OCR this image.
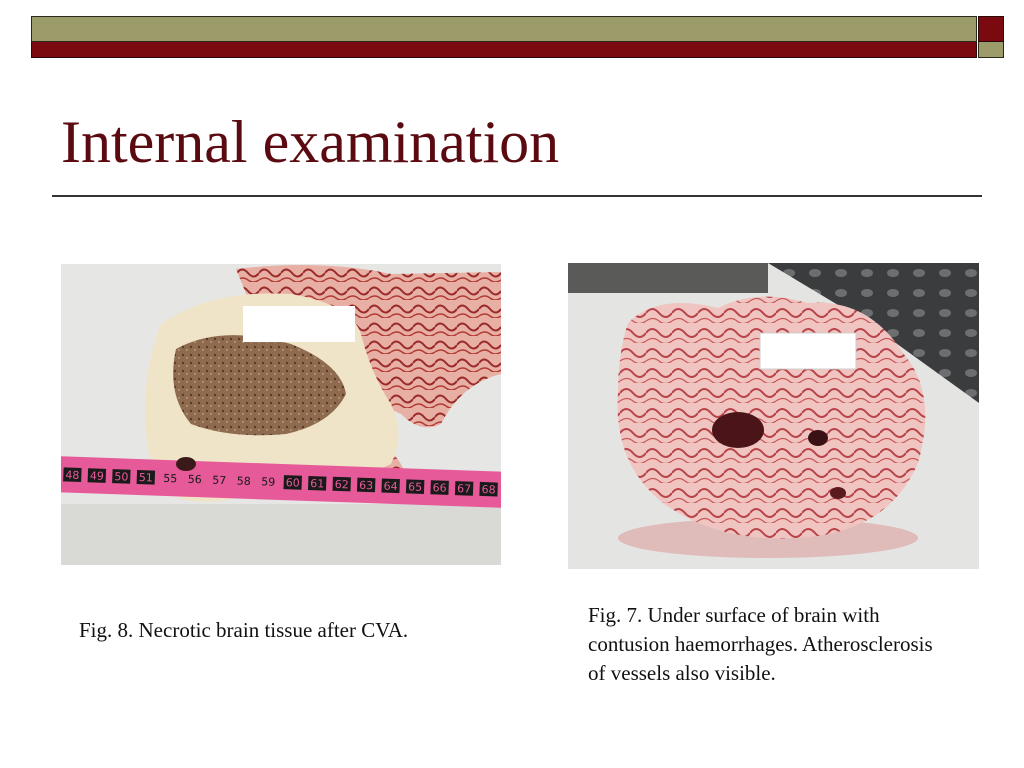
Internal examination
48 49 50 51 55 56 57 58 59 60 61 62 63 64 65 66 67 68
Fig. 8. Necrotic brain tissue after CVA.
Fig. 7. Under surface of brain with
contusion haemorrhages. Atherosclerosis
of vessels also visible.
